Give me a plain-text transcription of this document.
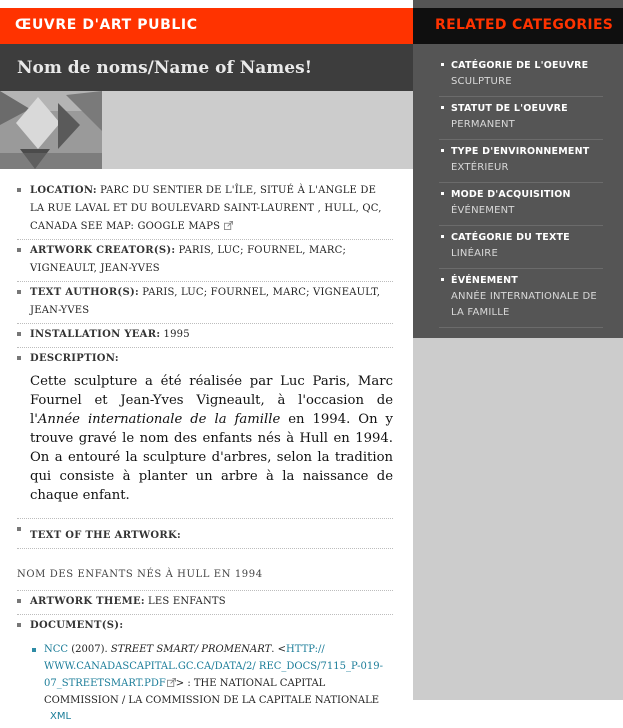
ŒUVRE D'ART PUBLIC
Nom de noms/Name of Names!
LOCATION: PARC DU SENTIER DE L'ÎLE, SITUÉ À L'ANGLE DE LA RUE LAVAL ET DU BOULEVARD SAINT-LAURENT , HULL, QC, CANADA SEE MAP: GOOGLE MAPS
ARTWORK CREATOR(S): PARIS, LUC; FOURNEL, MARC; VIGNEAULT, JEAN-YVES
TEXT AUTHOR(S): PARIS, LUC; FOURNEL, MARC; VIGNEAULT, JEAN-YVES
INSTALLATION YEAR: 1995
DESCRIPTION:

Cette sculpture a été réalisée par Luc Paris, Marc Fournel et Jean-Yves Vigneault, à l'occasion de l'Année internationale de la famille en 1994. On y trouve gravé le nom des enfants nés à Hull en 1994. On a entouré la sculpture d'arbres, selon la tradition qui consiste à planter un arbre à la naissance de chaque enfant.

TEXT OF THE ARTWORK:
NOM DES ENFANTS NÉS À HULL EN 1994
ARTWORK THEME: LES ENFANTS
DOCUMENT(S):
NCC (2007). STREET SMART/ PROMENART. <HTTP:// WWW.CANADASCAPITAL.GC.CA/DATA/2/ REC_DOCS/7115_P-019-07_STREETSMART.PDF > : THE NATIONAL CAPITAL COMMISSION / LA COMMISSION DE LA CAPITALE NATIONALE
XML
RELATED CATEGORIES
CATÉGORIE DE L'OEUVRE
SCULPTURE
STATUT DE L'OEUVRE
PERMANENT
TYPE D'ENVIRONNEMENT
EXTÉRIEUR
MODE D'ACQUISITION
ÉVÉNEMENT
CATÉGORIE DU TEXTE
LINÉAIRE
ÉVÉNEMENT
ANNÉE INTERNATIONALE DE LA FAMILLE
